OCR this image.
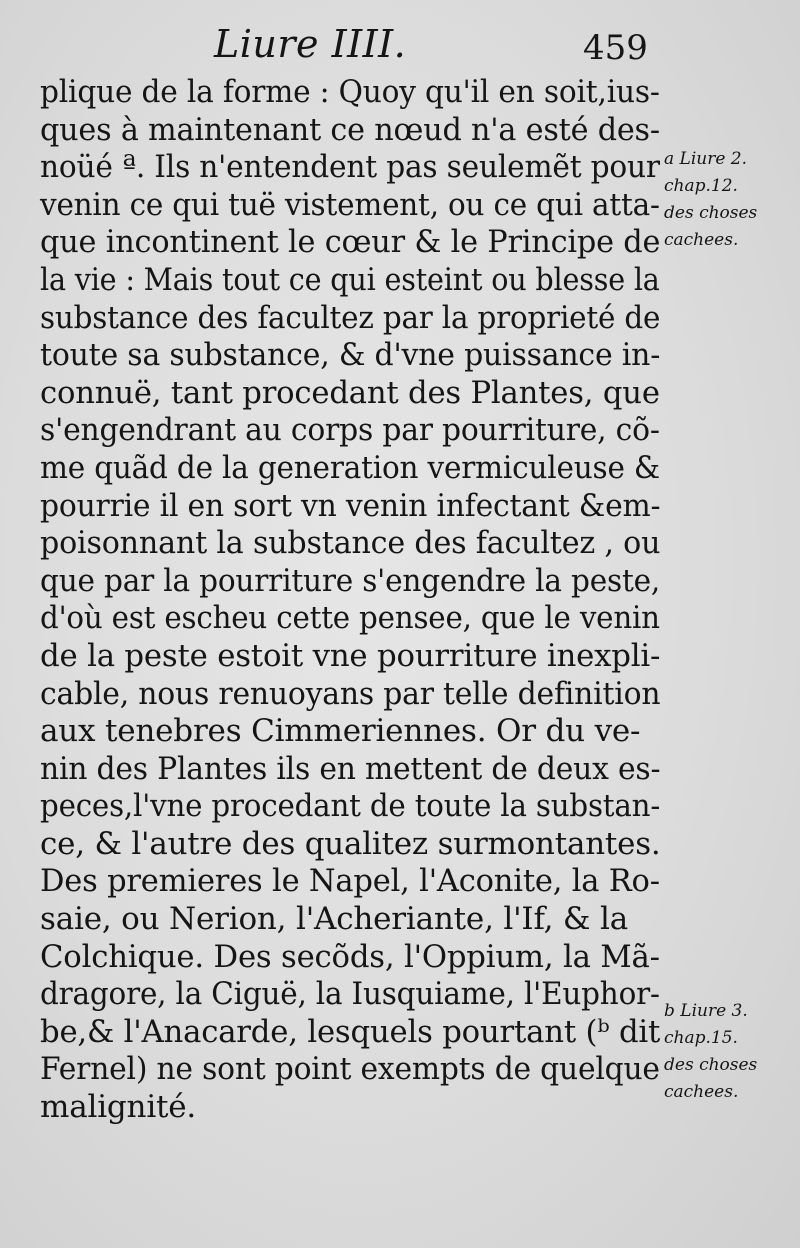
Liure IIII.	459
plique de la forme : Quoy qu'il en soit,ius-
ques à maintenant ce nœud n'a esté des-
noüé ª. Ils n'entendent pas seulemẽt pour
venin ce qui tuë vistement, ou ce qui atta-
que incontinent le cœur & le Principe de
la vie : Mais tout ce qui esteint ou blesse la
substance des facultez par la proprieté de
toute sa substance, & d'vne puissance in-
connuë, tant procedant des Plantes, que
s'engendrant au corps par pourriture, cõ-
me quãd de la generation vermiculeuse &
pourrie il en sort vn venin infectant &em-
poisonnant la substance des facultez , ou
que par la pourriture s'engendre la peste,
d'où est escheu cette pensee, que le venin
de la peste estoit vne pourriture inexpli-
cable, nous renuoyans par telle definition
aux tenebres Cimmeriennes. Or du ve-
nin des Plantes ils en mettent de deux es-
peces,l'vne procedant de toute la substan-
ce, & l'autre des qualitez surmontantes.
Des premieres le Napel, l'Aconite, la Ro-
saie, ou Nerion, l'Acheriante, l'If, & la
Colchique. Des secõds, l'Oppium, la Mã-
dragore, la Ciguë, la Iusquiame, l'Euphor-
be,& l'Anacarde, lesquels pourtant (ᵇ dit
Fernel) ne sont point exempts de quelque
malignité.
a Liure 2.
chap.12.
des choses
cachees.
b Liure 3.
chap.15.
des choses
cachees.
